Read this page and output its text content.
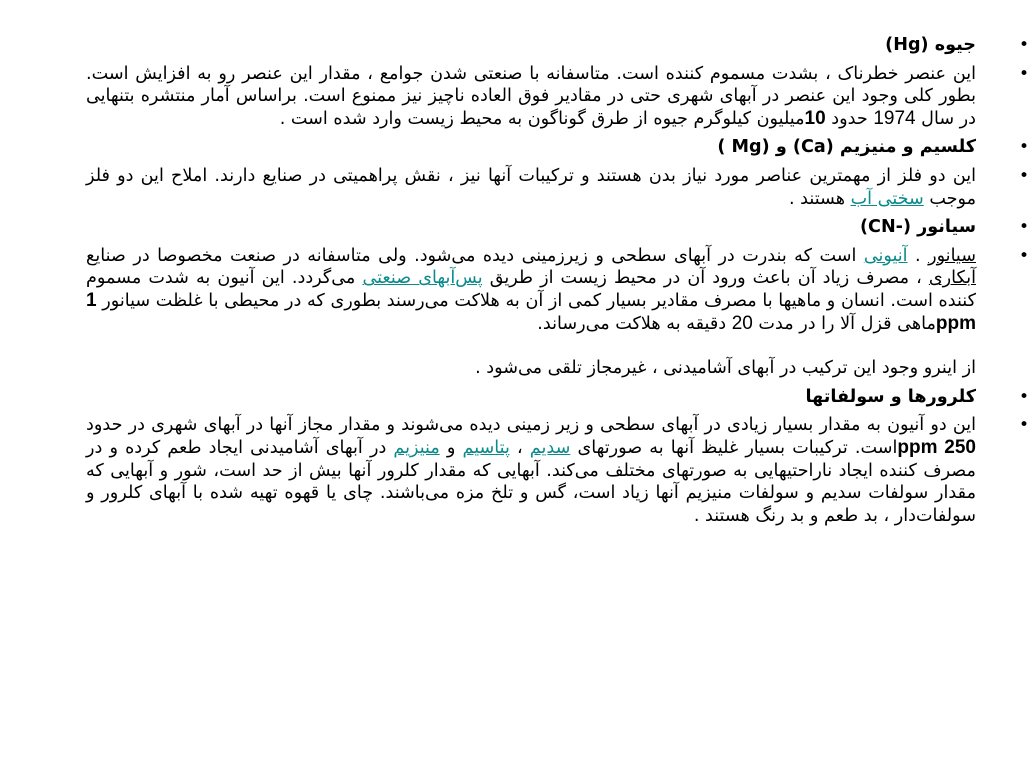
•
جیوه (Hg)
•
این عنصر خطرناک ، بشدت مسموم کننده است. متاسفانه با صنعتی شدن جوامع ، مقدار این عنصر رو به افزایش است. بطور کلی وجود این عنصر در آبهای شهری حتی در مقادیر فوق العاده ناچیز نیز ممنوع است. براساس آمار منتشره بتنهایی در سال 1974 حدود 10میلیون کیلوگرم جیوه از طرق گوناگون به محیط زیست وارد شده است .
•
کلسیم و منیزیم (Ca) و (Mg )
•
این دو فلز از مهمترین عناصر مورد نیاز بدن هستند و ترکیبات آنها نیز ، نقش پراهمیتی در صنایع دارند. املاح این دو فلز موجب سختی آب هستند .
•
سیانور (-CN)
•
سیانور . آنیونی است که بندرت در آبهای سطحی و زیرزمینی دیده می‌شود. ولی متاسفانه در صنعت مخصوصا در صنایع آبکاری ، مصرف زیاد آن باعث ورود آن در محیط زیست از طریق پس‌آبهای صنعتی می‌گردد. این آنیون به شدت مسموم کننده است. انسان و ماهیها با مصرف مقادیر بسیار کمی از آن به هلاکت می‌رسند بطوری که در محیطی با غلظت سیانور 1 ppmماهی قزل آلا را در مدت 20 دقیقه به هلاکت می‌رساند.
از اینرو وجود این ترکیب در آبهای آشامیدنی ، غیرمجاز تلقی می‌شود .
•
کلرورها و سولفاتها
•
این دو آنیون به مقدار بسیار زیادی در آبهای سطحی و زیر زمینی دیده می‌شوند و مقدار مجاز آنها در آبهای شهری در حدود 250 ppmاست. ترکیبات بسیار غلیظ آنها به صورتهای سدیم ، پتاسیم و منیزیم در آبهای آشامیدنی ایجاد طعم کرده و در مصرف کننده ایجاد ناراحتیهایی به صورتهای مختلف می‌کند. آبهایی که مقدار کلرور آنها بیش از حد است، شور و آبهایی که مقدار سولفات سدیم و سولفات منیزیم آنها زیاد است، گس و تلخ مزه می‌باشند. چای یا قهوه تهیه شده با آبهای کلرور و سولفات‌دار ، بد طعم و بد رنگ هستند .
